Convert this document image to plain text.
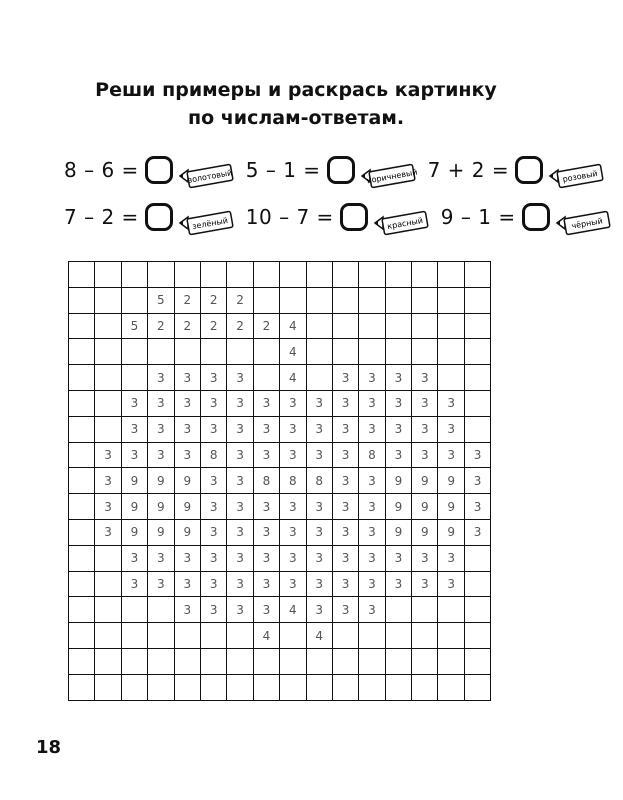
Реши примеры и раскрась картинку
по числам-ответам.
8 – 6 =	золотовый 5 – 1 =	коричневый 7 + 2 =	розовый
7 – 2 =	зелёный 10 – 7 =	красный 9 – 1 =	чёрный

			5	2	2	2									
		5	2	2	2	2	2	4							
								4							
			3	3	3	3		4		3	3	3	3		
		3	3	3	3	3	3	3	3	3	3	3	3	3	
		3	3	3	3	3	3	3	3	3	3	3	3	3	
	3	3	3	3	8	3	3	3	3	3	8	3	3	3	3
	3	9	9	9	3	3	8	8	8	3	3	9	9	9	3
	3	9	9	9	3	3	3	3	3	3	3	9	9	9	3
	3	9	9	9	3	3	3	3	3	3	3	9	9	9	3
		3	3	3	3	3	3	3	3	3	3	3	3	3	
		3	3	3	3	3	3	3	3	3	3	3	3	3	
				3	3	3	3	4	3	3	3				
							4		4						

18
